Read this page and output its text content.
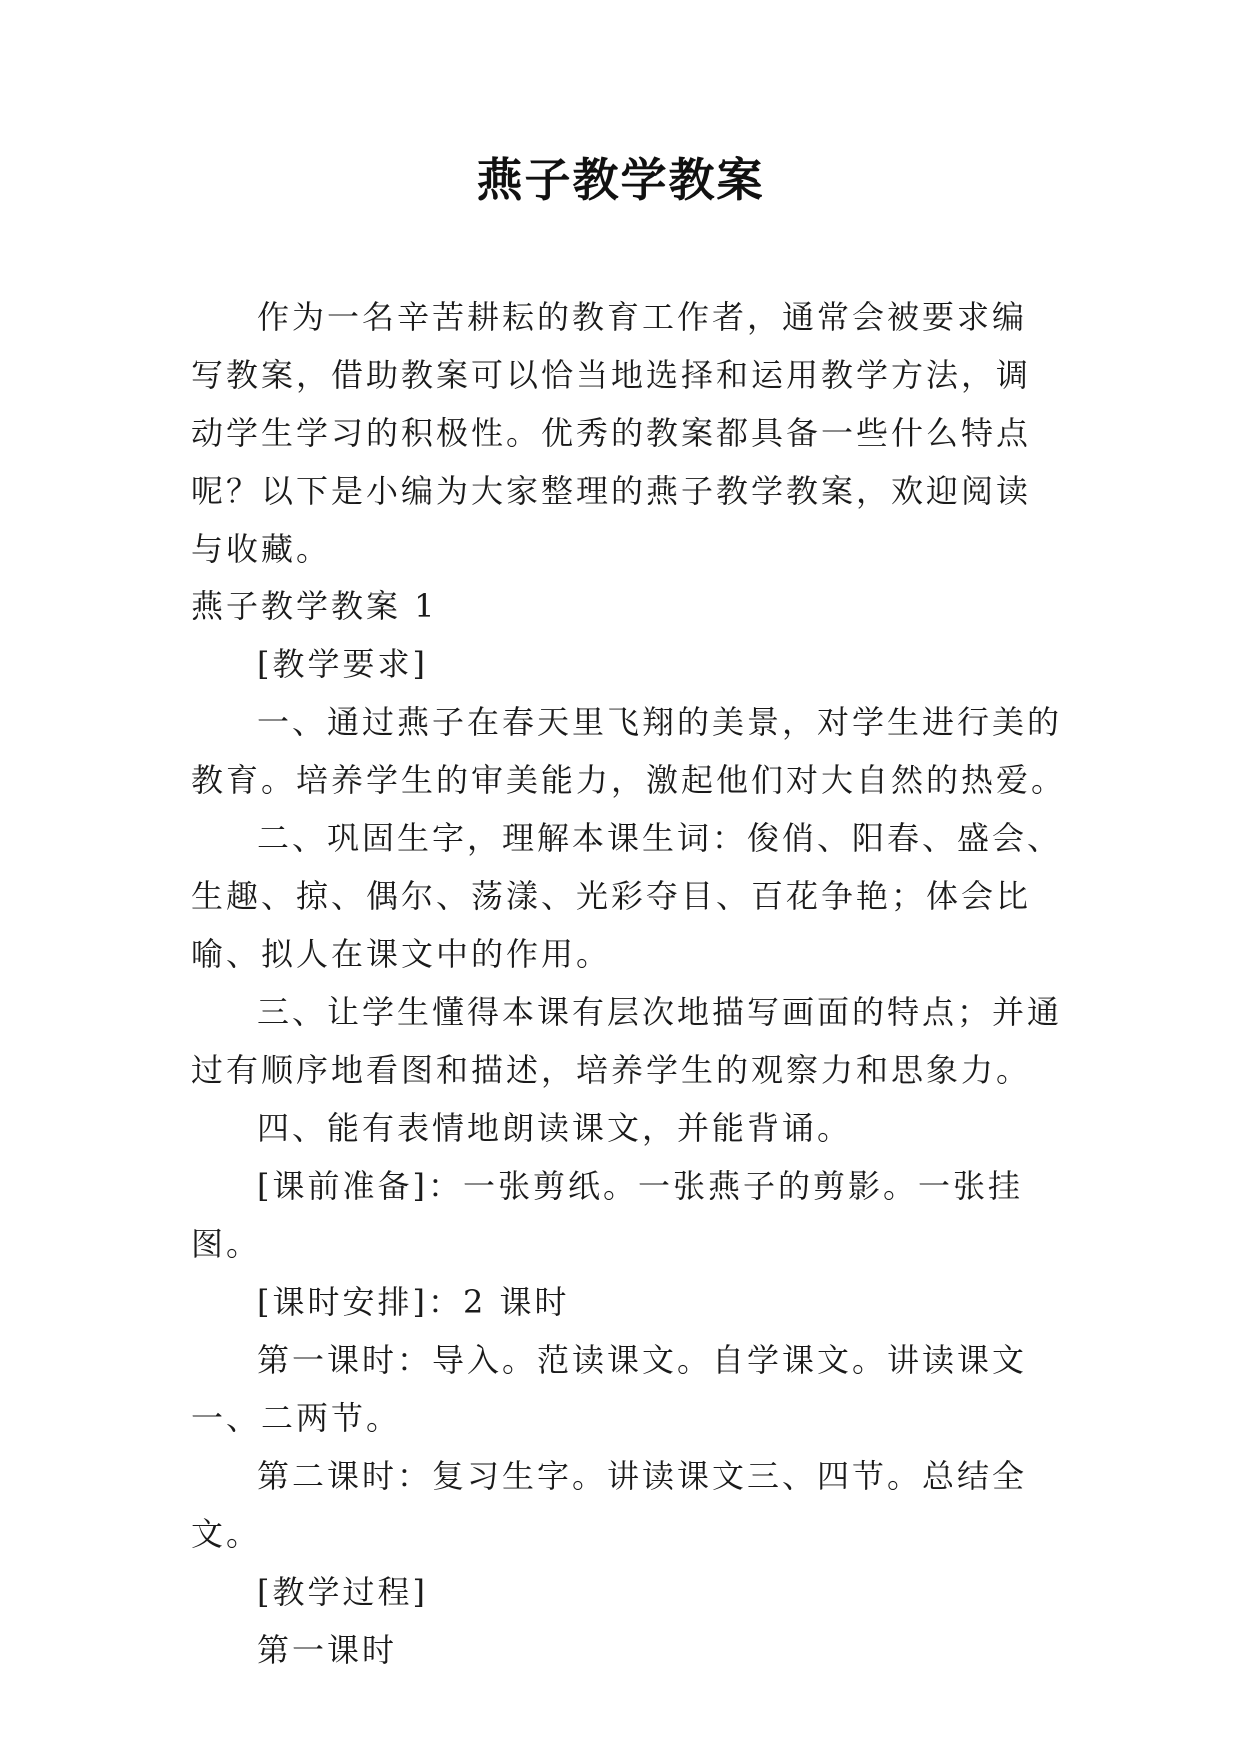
燕子教学教案

作为一名辛苦耕耘的教育工作者，通常会被要求编写教案，借助教案可以恰当地选择和运用教学方法，调动学生学习的积极性。优秀的教案都具备一些什么特点呢？以下是小编为大家整理的燕子教学教案，欢迎阅读与收藏。

燕子教学教案 1

[教学要求]

一、通过燕子在春天里飞翔的美景，对学生进行美的教育。培养学生的审美能力，激起他们对大自然的热爱。

二、巩固生字，理解本课生词：俊俏、阳春、盛会、生趣、掠、偶尔、荡漾、光彩夺目、百花争艳；体会比喻、拟人在课文中的作用。

三、让学生懂得本课有层次地描写画面的特点；并通过有顺序地看图和描述，培养学生的观察力和思象力。

四、能有表情地朗读课文，并能背诵。

[课前准备]：一张剪纸。一张燕子的剪影。一张挂图。

[课时安排]：2 课时

第一课时：导入。范读课文。自学课文。讲读课文一、二两节。

第二课时：复习生字。讲读课文三、四节。总结全文。

[教学过程]

第一课时
